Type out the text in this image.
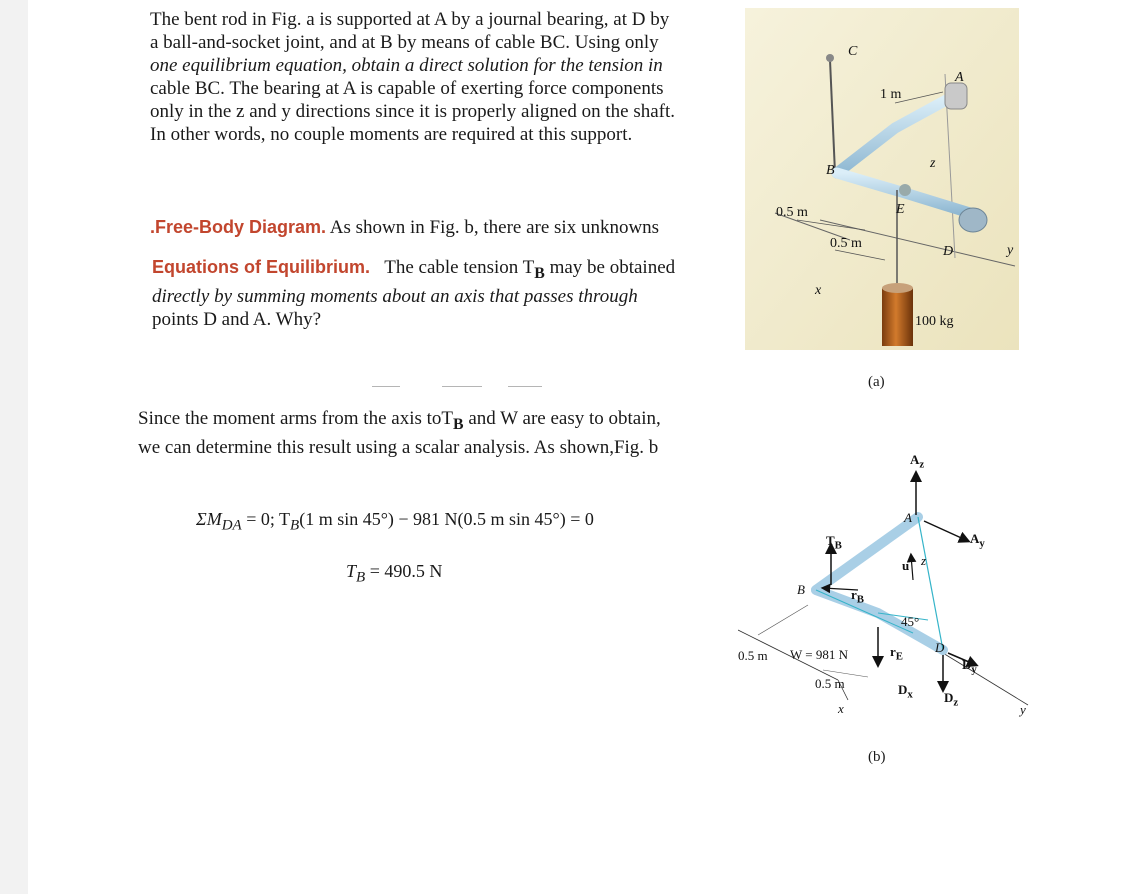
The bent rod in Fig. a is supported at A by a journal bearing, at D by

a ball-and-socket joint, and at B by means of cable BC. Using only

one equilibrium equation, obtain a direct solution for the tension in

cable BC. The bearing at A is capable of exerting force components

only in the z and y directions since it is properly aligned on the shaft.

In other words, no couple moments are required at this support.

.Free-Body Diagram. As shown in Fig. b, there are six unknowns

Equations of Equilibrium. The cable tension $T_B$ may be obtained

directly by summing moments about an axis that passes through

points D and A. Why?

Since the moment arms from the axis toT$_B$ and W are easy to obtain,

we can determine this result using a scalar analysis. As shown,Fig. b

$\Sigma M_{DA} = 0$; $T_B(1$ m sin 45°) − 981 N(0.5 m sin 45°) = 0
$T_B = 490.5$ N
C
A
1 m
B	z
E
0.5 m
0.5 m
D	y
x
100 kg
(a)
$A_z$
A
$A_y$
$T_B$
u z
B	$r_B$
45°
0.5 m W = 981 N	$r_E$
D
$D_y$
0.5 m	$D_x$ $D_z$
x	y
(b)
